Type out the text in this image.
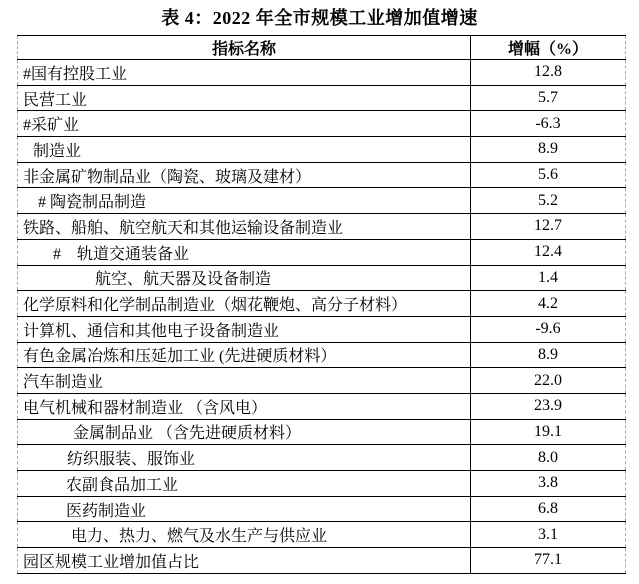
表 4：2022 年全市规模工业增加值增速
指标名称	增幅（%）
#国有控股工业	12.8
民营工业	5.7
#采矿业	-6.3
制造业	8.9
非金属矿物制品业（陶瓷、玻璃及建材）	5.6
# 陶瓷制品制造	5.2
铁路、船舶、航空航天和其他运输设备制造业	12.7
#　轨道交通装备业	12.4
航空、航天器及设备制造	1.4
化学原料和化学制品制造业（烟花鞭炮、高分子材料）	4.2
计算机、通信和其他电子设备制造业	-9.6
有色金属冶炼和压延加工业 (先进硬质材料）	8.9
汽车制造业	22.0
电气机械和器材制造业 （含风电）	23.9
金属制品业 （含先进硬质材料）	19.1
纺织服装、服饰业	8.0
农副食品加工业	3.8
医药制造业	6.8
电力、热力、燃气及水生产与供应业	3.1
园区规模工业增加值占比	77.1
